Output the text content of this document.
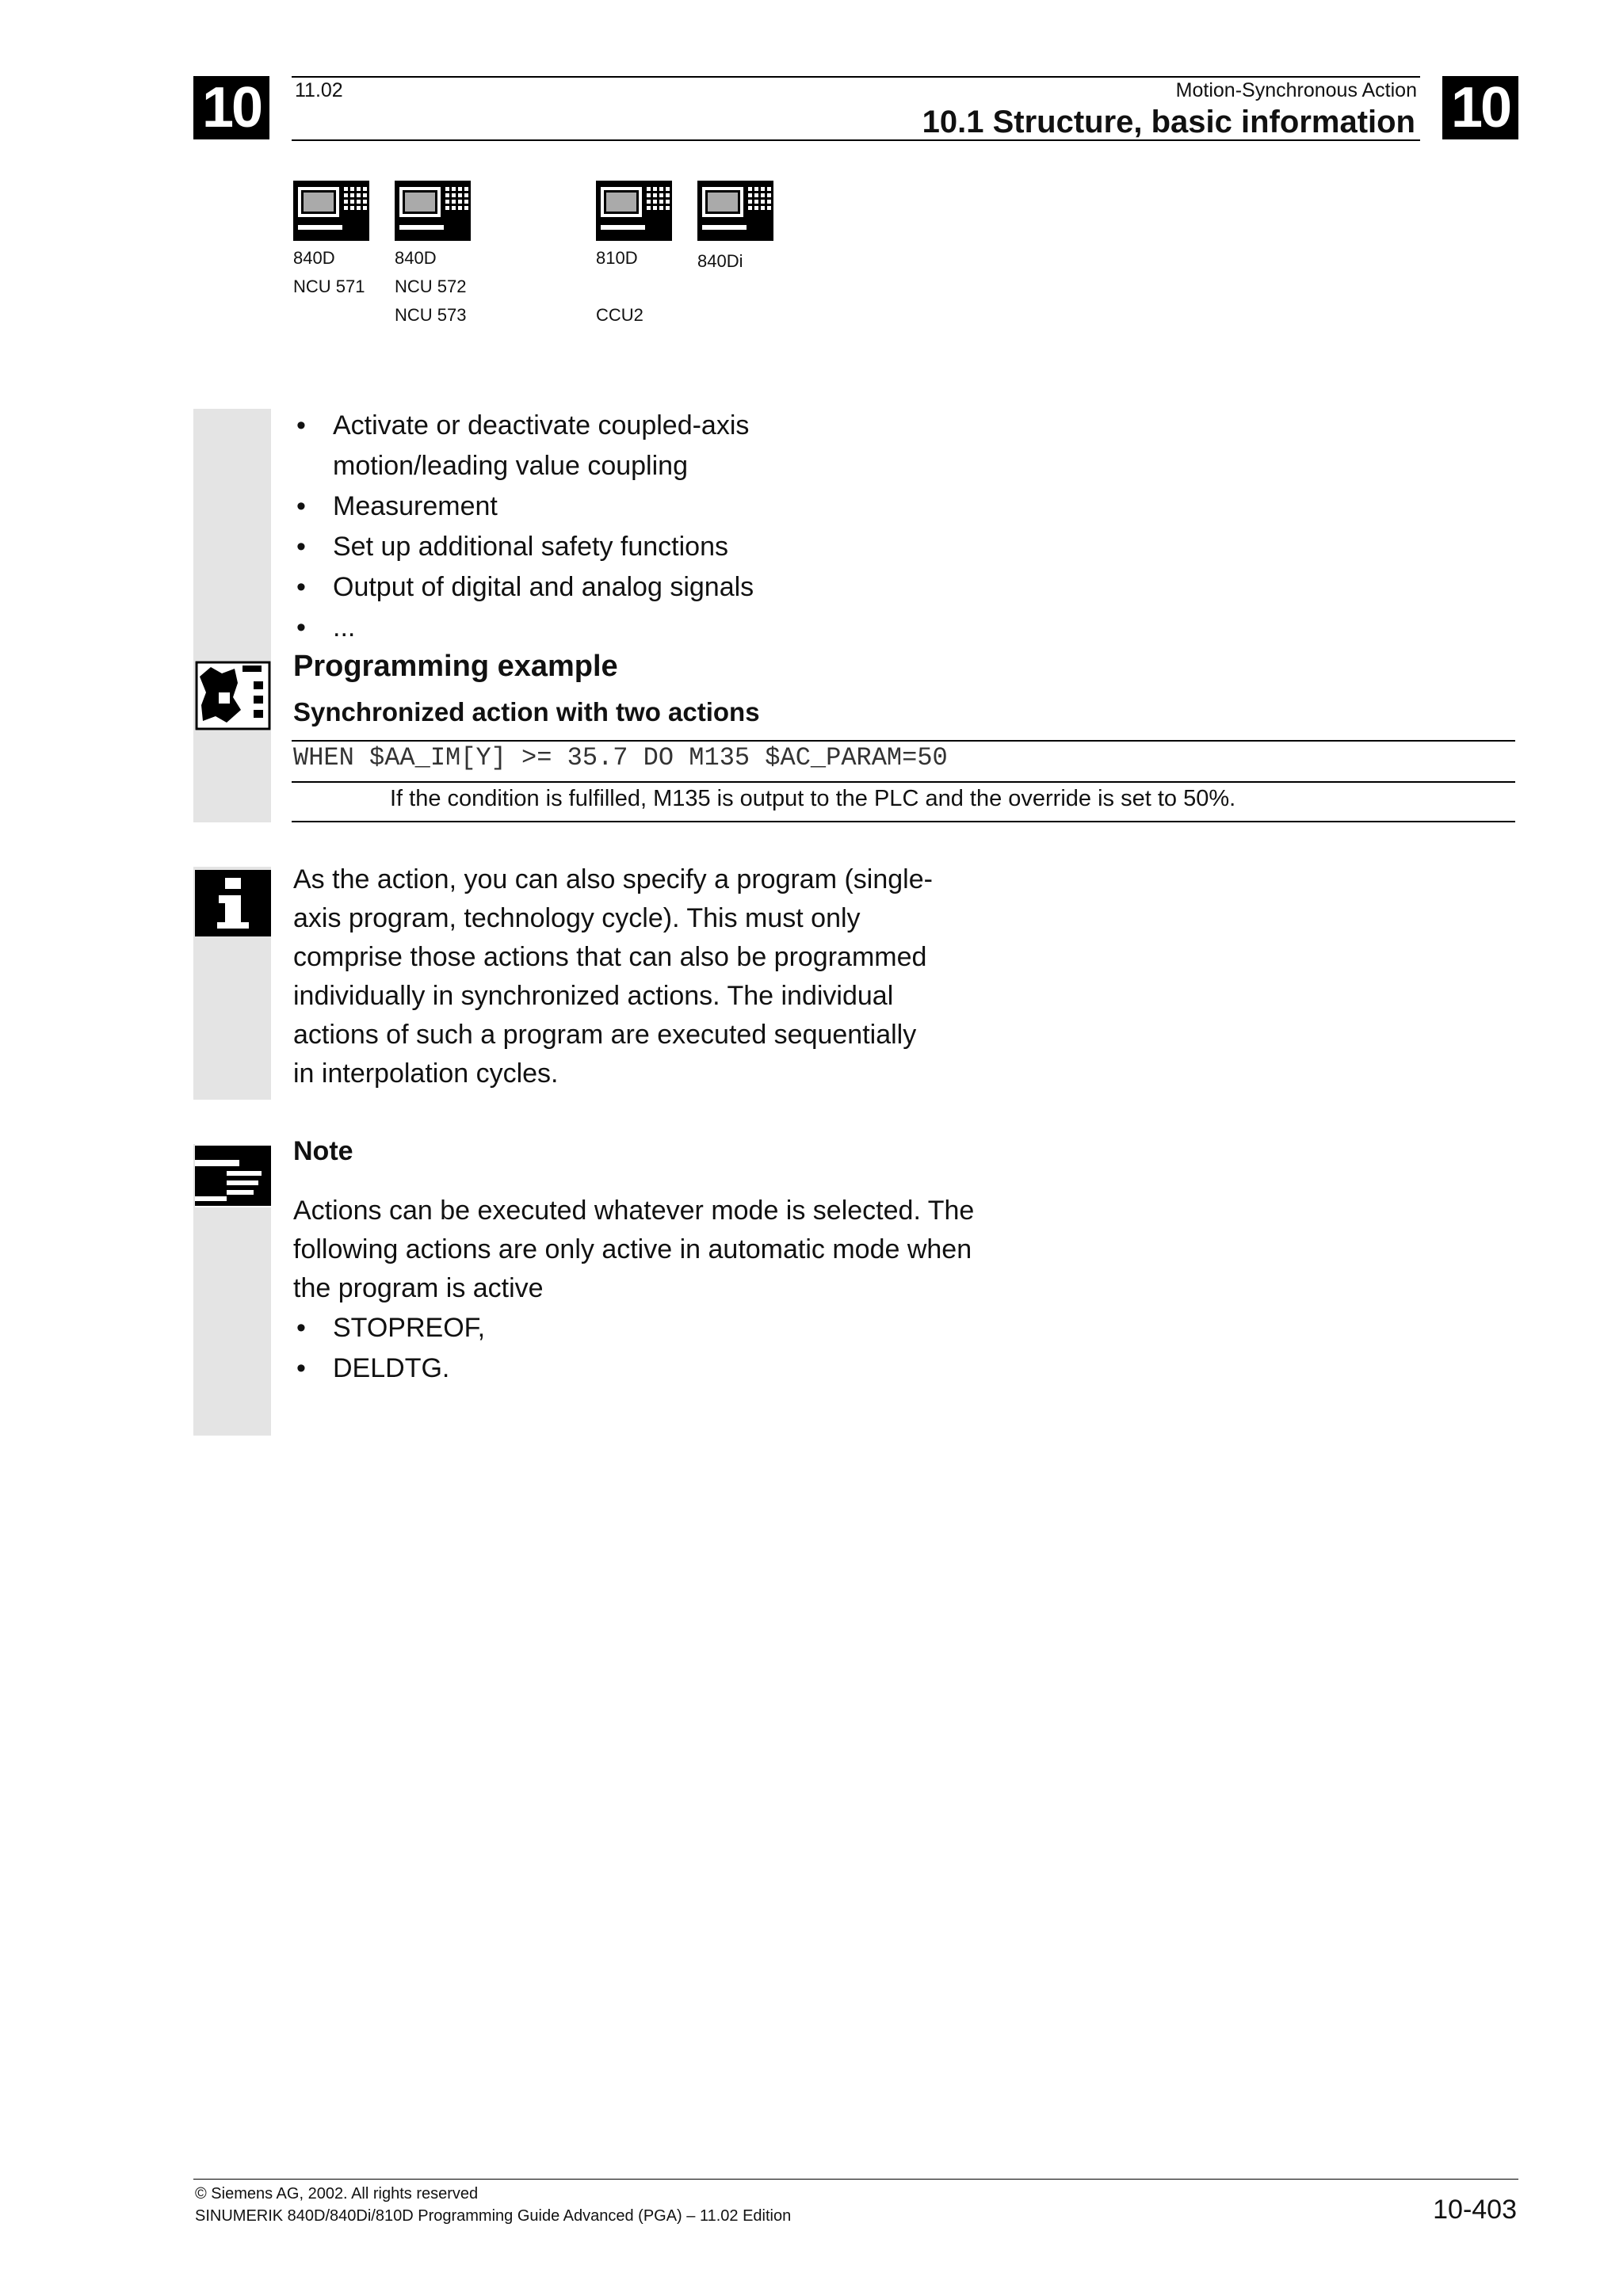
10	10
11.02	Motion-Synchronous Action
10.1 Structure, basic information
840D
NCU 571
840D
NCU 572
NCU 573
810D
CCU2
840Di
• Activate or deactivate coupled-axis motion/leading value coupling
• Measurement
• Set up additional safety functions
• Output of digital and analog signals
• ...
Programming example
Synchronized action with two actions
WHEN $AA_IM[Y] >= 35.7 DO M135 $AC_PARAM=50
If the condition is fulfilled, M135 is output to the PLC and the override is set to 50%.
As the action, you can also specify a program (single-axis program, technology cycle). This must only comprise those actions that can also be programmed individually in synchronized actions. The individual actions of such a program are executed sequentially in interpolation cycles.
Note
Actions can be executed whatever mode is selected. The following actions are only active in automatic mode when the program is active
• STOPREOF,
• DELDTG.
© Siemens AG, 2002. All rights reserved
SINUMERIK 840D/840Di/810D Programming Guide Advanced (PGA) – 11.02 Edition	10-403
